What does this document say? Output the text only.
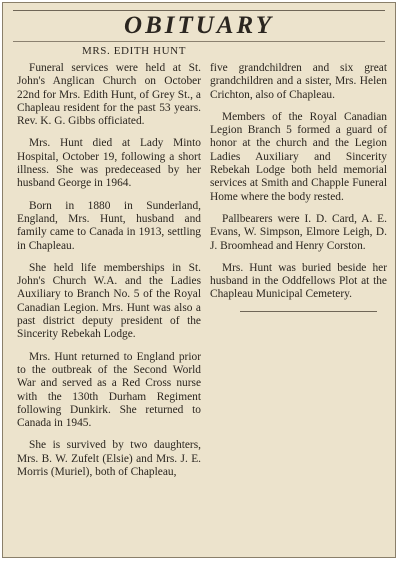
OBITUARY
MRS. EDITH HUNT

Funeral services were held at St. John's Anglican Church on October 22nd for Mrs. Edith Hunt, of Grey St., a Chapleau resident for the past 53 years. Rev. K. G. Gibbs officiated.

Mrs. Hunt died at Lady Minto Hospital, October 19, following a short illness. She was predeceased by her husband George in 1964.

Born in 1880 in Sunderland, England, Mrs. Hunt, husband and family came to Canada in 1913, settling in Chapleau.

She held life memberships in St. John's Church W.A. and the Ladies Auxiliary to Branch No. 5 of the Royal Canadian Legion. Mrs. Hunt was also a past district deputy president of the Sincerity Rebekah Lodge.

Mrs. Hunt returned to England prior to the outbreak of the Second World War and served as a Red Cross nurse with the 130th Durham Regiment following Dunkirk. She returned to Canada in 1945.

She is survived by two daughters, Mrs. B. W. Zufelt (Elsie) and Mrs. J. E. Morris (Muriel), both of Chapleau,

five grandchildren and six great grandchildren and a sister, Mrs. Helen Crichton, also of Chapleau.

Members of the Royal Canadian Legion Branch 5 formed a guard of honor at the church and the Legion Ladies Auxiliary and Sincerity Rebekah Lodge both held memorial services at Smith and Chapple Funeral Home where the body rested.

Pallbearers were I. D. Card, A. E. Evans, W. Simpson, Elmore Leigh, D. J. Broomhead and Henry Corston.

Mrs. Hunt was buried beside her husband in the Oddfellows Plot at the Chapleau Municipal Cemetery.
